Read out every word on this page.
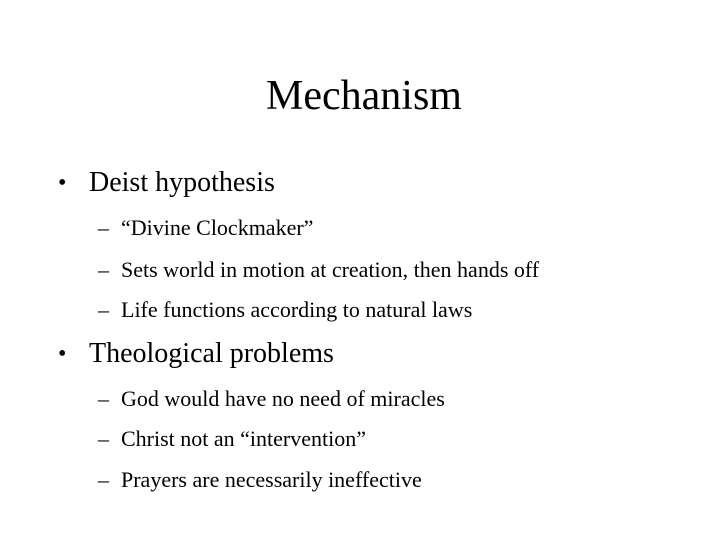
Mechanism
• Deist hypothesis
– “Divine Clockmaker”
– Sets world in motion at creation, then hands off
– Life functions according to natural laws
• Theological problems
– God would have no need of miracles
– Christ not an “intervention”
– Prayers are necessarily ineffective
